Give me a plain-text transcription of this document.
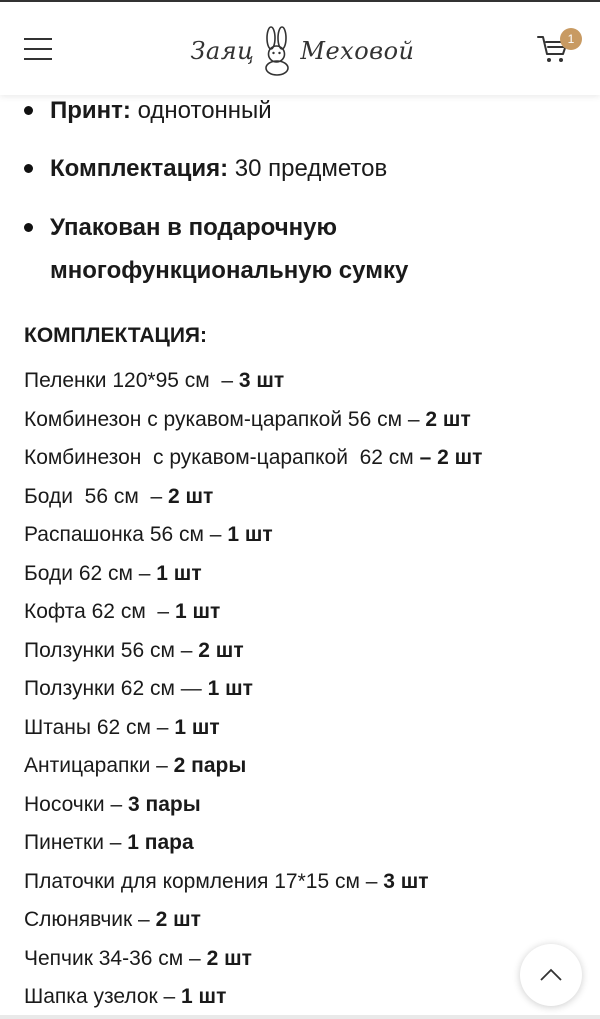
Заяц Меховой	1
Принт: однотонный
Комплектация: 30 предметов
Упакован в подарочную многофункциональную сумку
КОМПЛЕКТАЦИЯ:
Пеленки 120*95 см  – 3 шт
Комбинезон с рукавом-царапкой 56 см – 2 шт
Комбинезон  с рукавом-царапкой  62 см – 2 шт
Боди  56 см  – 2 шт
Распашонка 56 см – 1 шт
Боди 62 см – 1 шт
Кофта 62 см  – 1 шт
Ползунки 56 см – 2 шт
Ползунки 62 см — 1 шт
Штаны 62 см – 1 шт
Антицарапки – 2 пары
Носочки – 3 пары
Пинетки – 1 пара
Платочки для кормления 17*15 см – 3 шт
Слюнявчик – 2 шт
Чепчик 34-36 см – 2 шт
Шапка узелок – 1 шт
